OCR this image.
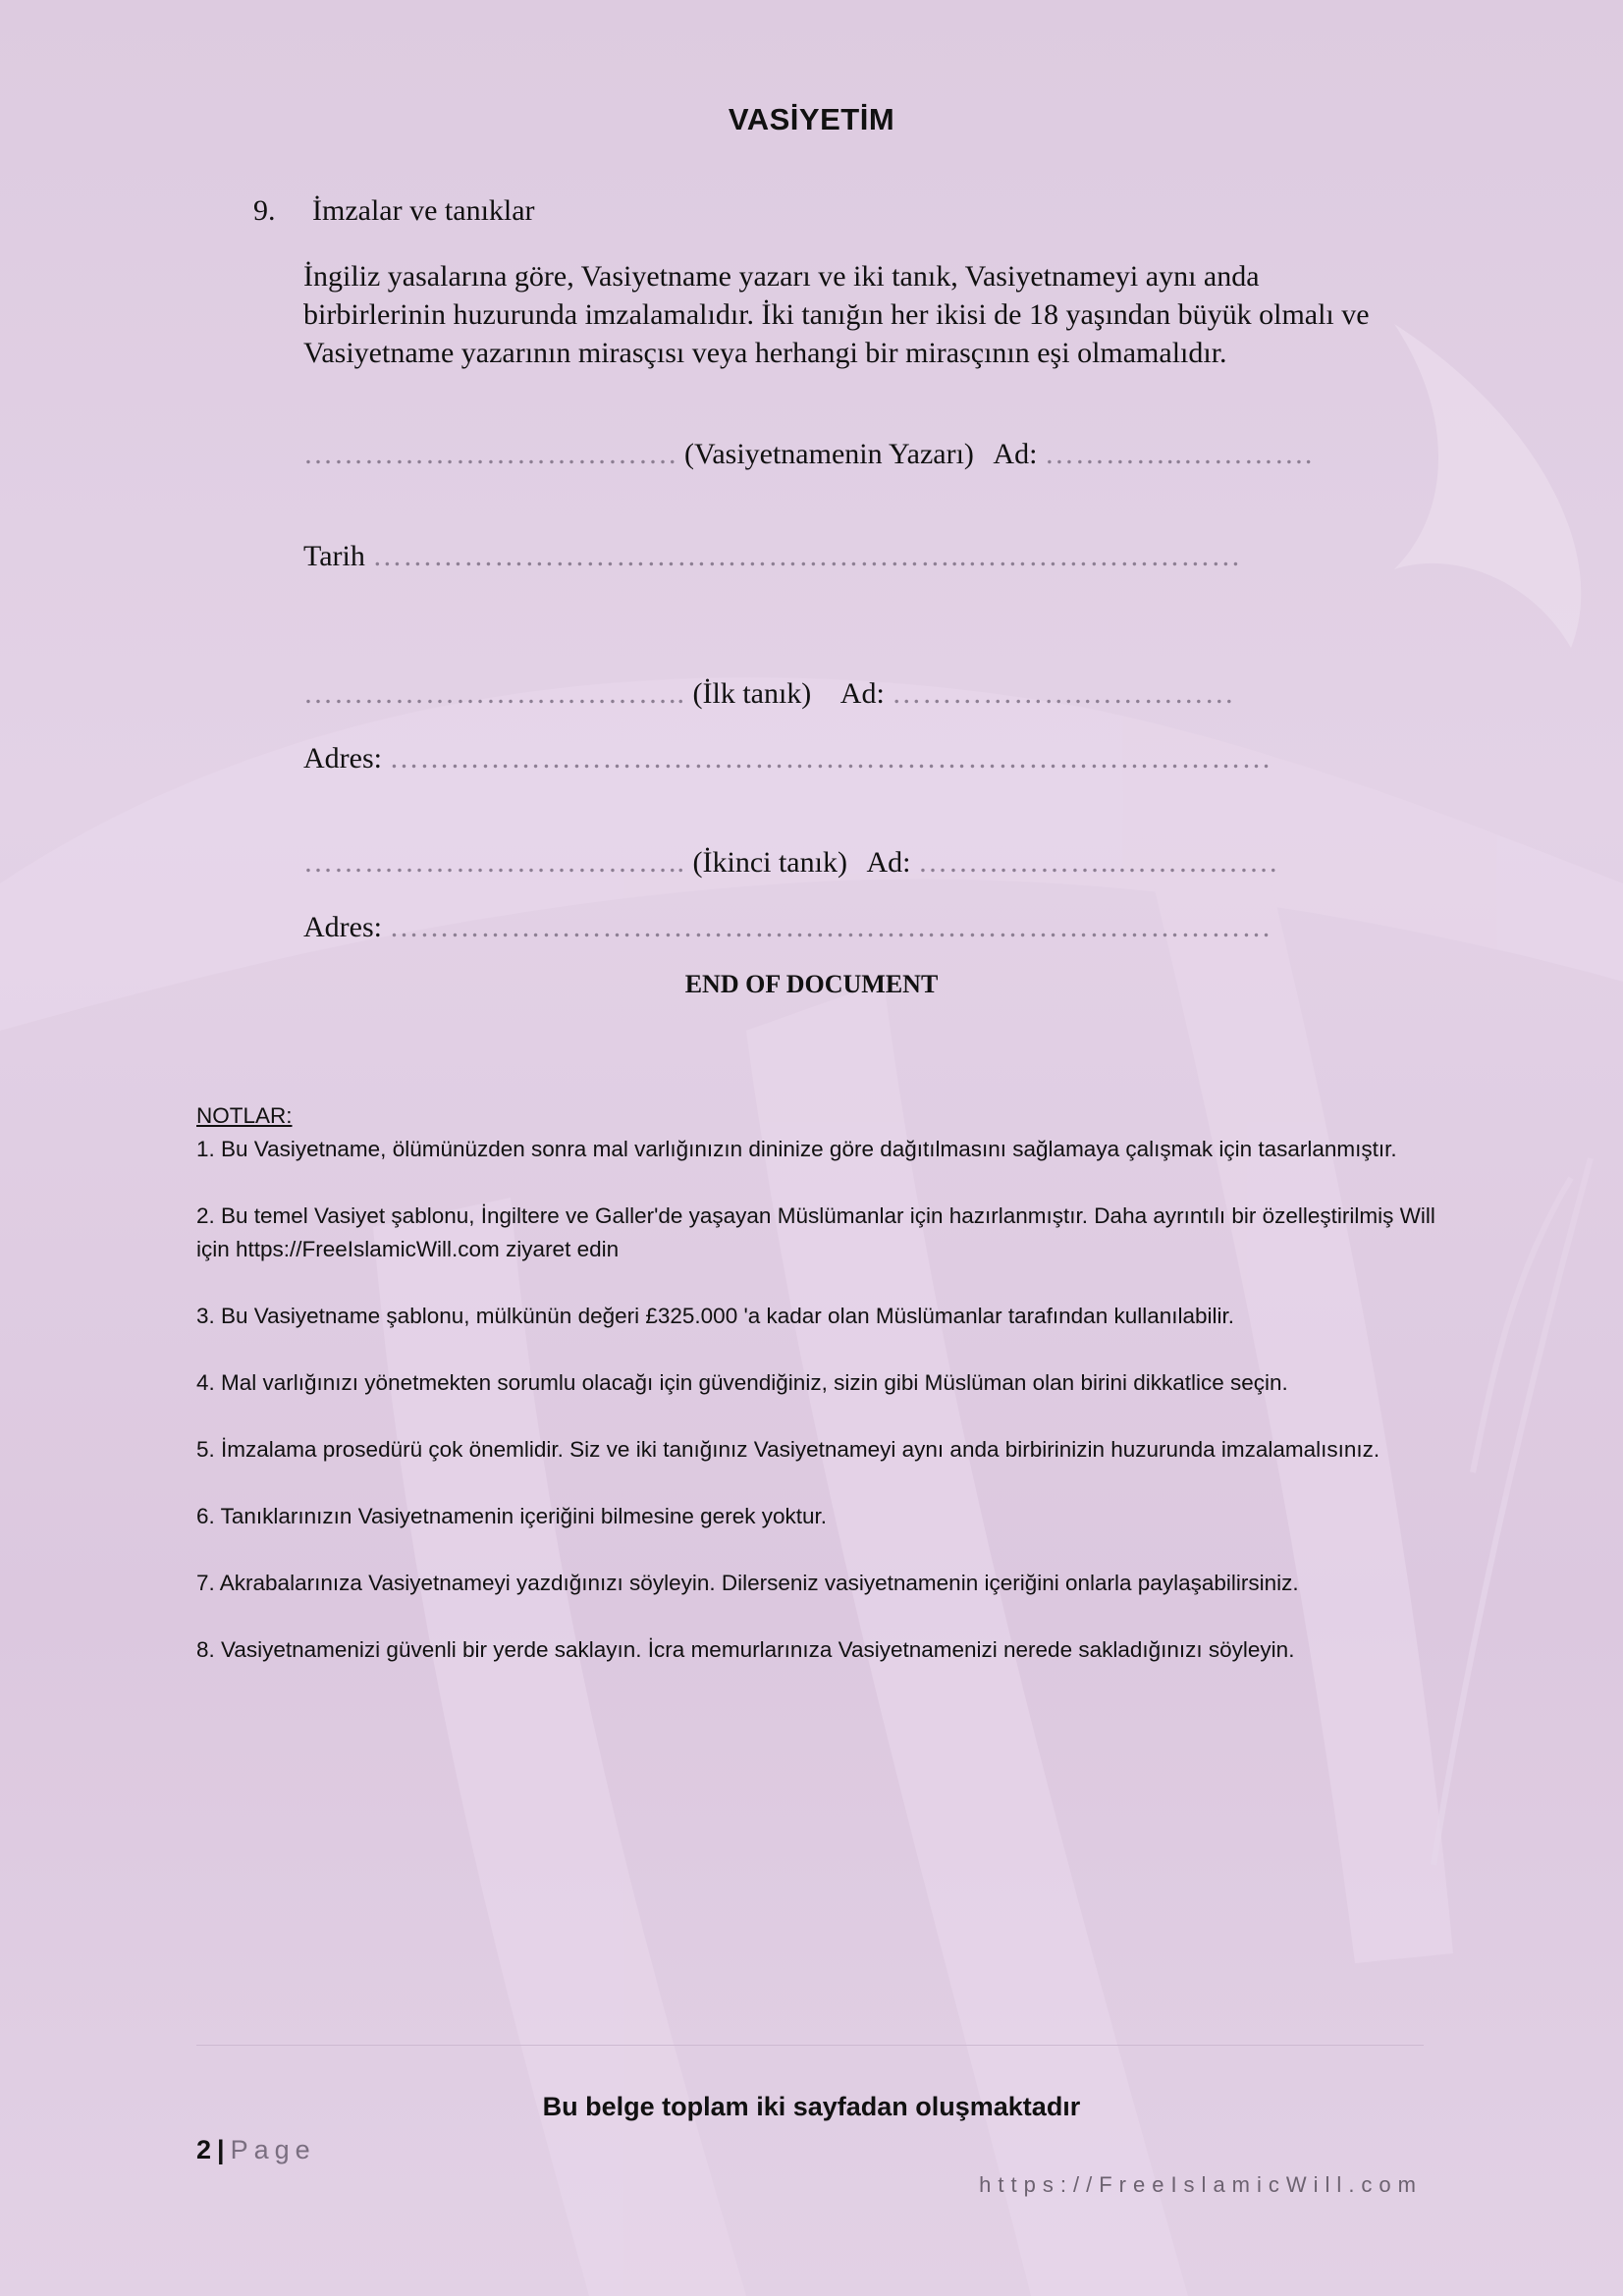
VASİYETİM
9. İmzalar ve tanıklar
İngiliz yasalarına göre, Vasiyetname yazarı ve iki tanık, Vasiyetnameyi aynı anda birbirlerinin huzurunda imzalamalıdır. İki tanığın her ikisi de 18 yaşından büyük olmalı ve Vasiyetname yazarının mirasçısı veya herhangi bir mirasçının eşi olmamalıdır.
………………………………. (Vasiyetnamenin Yazarı) Ad: …………..………….
Tarih …………………………………………………..………………………
……………………………….. (İlk tanık) Ad: ……………….……………
Adres: ……………………………………………………………………………
……………………………….. (İkinci tanık) Ad: ………………..…………….
Adres: ……………………………………………………………………………
END OF DOCUMENT
NOTLAR:
1. Bu Vasiyetname, ölümünüzden sonra mal varlığınızın dininize göre dağıtılmasını sağlamaya çalışmak için tasarlanmıştır.
2. Bu temel Vasiyet şablonu, İngiltere ve Galler'de yaşayan Müslümanlar için hazırlanmıştır. Daha ayrıntılı bir özelleştirilmiş Will için https://FreeIslamicWill.com ziyaret edin
3. Bu Vasiyetname şablonu, mülkünün değeri £325.000 'a kadar olan Müslümanlar tarafından kullanılabilir.
4. Mal varlığınızı yönetmekten sorumlu olacağı için güvendiğiniz, sizin gibi Müslüman olan birini dikkatlice seçin.
5. İmzalama prosedürü çok önemlidir. Siz ve iki tanığınız Vasiyetnameyi aynı anda birbirinizin huzurunda imzalamalısınız.
6. Tanıklarınızın Vasiyetnamenin içeriğini bilmesine gerek yoktur.
7. Akrabalarınıza Vasiyetnameyi yazdığınızı söyleyin. Dilerseniz vasiyetnamenin içeriğini onlarla paylaşabilirsiniz.
8. Vasiyetnamenizi güvenli bir yerde saklayın. İcra memurlarınıza Vasiyetnamenizi nerede sakladığınızı söyleyin.
Bu belge toplam iki sayfadan oluşmaktadır
2 | Page
https://FreeIslamicWill.com
